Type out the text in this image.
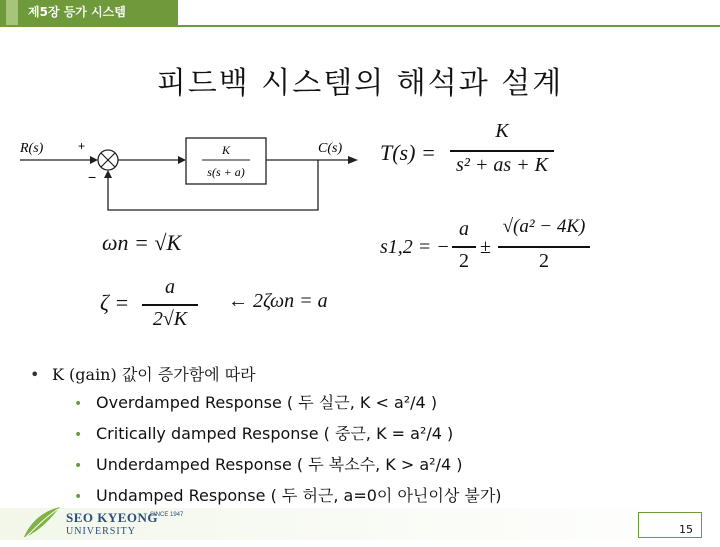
제5장 등가 시스템
피드백 시스템의 해석과 설계
R(s)	+
−
K
s(s + a)
C(s) T(s) =
K
s² + as + K
ωn = √K	s1,2 = −
a
2
±
√(a² − 4K)
2
ζ =
a
2√K
← 2ζωn = a
• K (gain) 값이 증가함에 따라
• Overdamped Response ( 두 실근, K < a²/4 )
• Critically damped Response ( 중근, K = a²/4 )
• Underdamped Response ( 두 복소수, K > a²/4 )
• Undamped Response ( 두 허근, a=0이 아닌이상 불가)
SEO KYEONG
UNIVERSITY
SINCE 1947
15
